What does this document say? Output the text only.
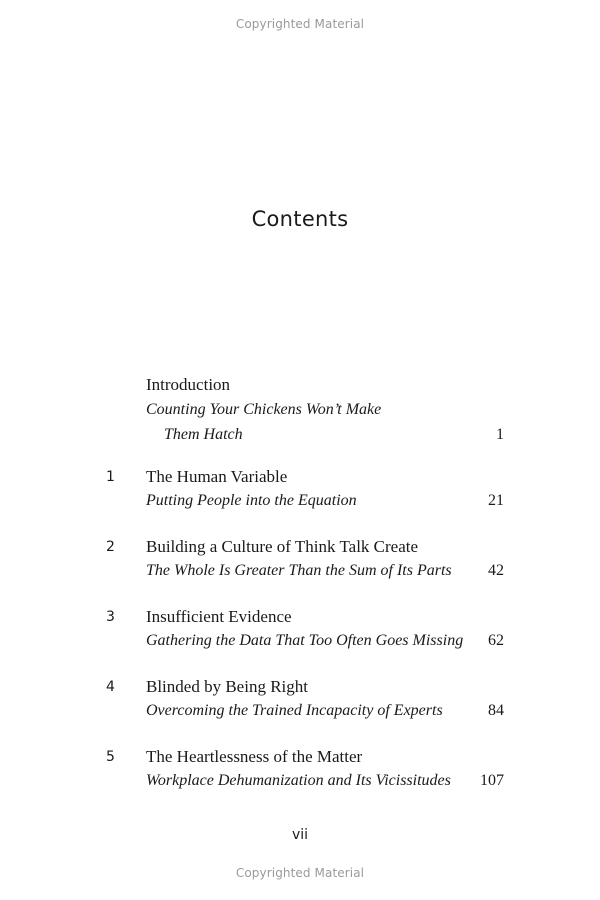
Copyrighted Material
Contents
Introduction
Counting Your Chickens Won’t Make
Them Hatch	1
1 The Human Variable
Putting People into the Equation	21
2 Building a Culture of Think Talk Create
The Whole Is Greater Than the Sum of Its Parts 42
3 Insufficient Evidence
Gathering the Data That Too Often Goes Missing 62
4 Blinded by Being Right
Overcoming the Trained Incapacity of Experts	84
5 The Heartlessness of the Matter
Workplace Dehumanization and Its Vicissitudes 107
vii
Copyrighted Material
